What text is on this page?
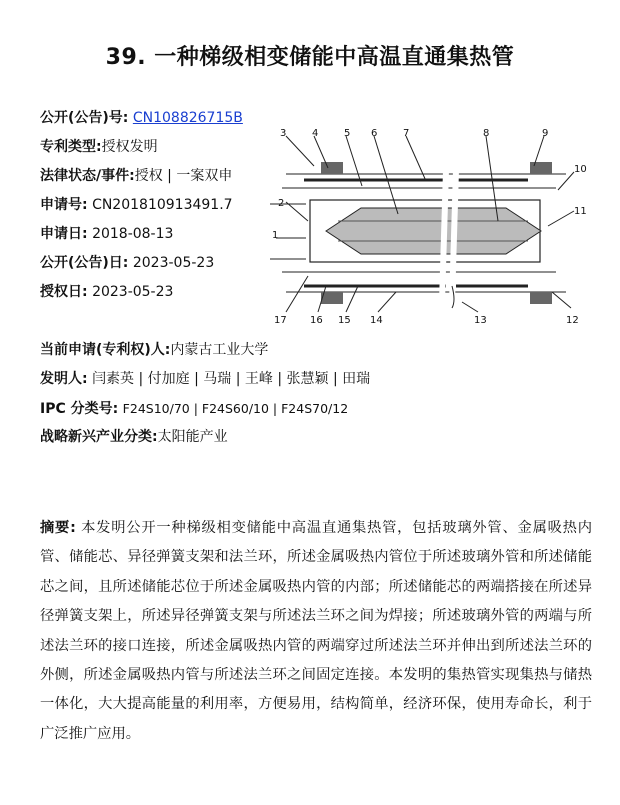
39. 一种梯级相变储能中高温直通集热管
公开(公告)号: CN108826715B
专利类型:授权发明
法律状态/事件:授权 | 一案双申
申请号: CN201810913491.7
申请日: 2018-08-13
公开(公告)日: 2023-05-23
授权日: 2023-05-23
当前申请(专利权)人:内蒙古工业大学
发明人: 闫素英 | 付加庭 | 马瑞 | 王峰 | 张慧颖 | 田瑞
IPC 分类号: F24S10/70 | F24S60/10 | F24S70/12
战略新兴产业分类:太阳能产业
1
2
3	4	5 6	7	8	9
10
11
12
13
14
15
16
17
摘要: 本发明公开一种梯级相变储能中高温直通集热管，包括玻璃外管、金属吸热内管、储能芯、异径弹簧支架和法兰环，所述金属吸热内管位于所述玻璃外管和所述储能芯之间，且所述储能芯位于所述金属吸热内管的内部；所述储能芯的两端搭接在所述异径弹簧支架上，所述异径弹簧支架与所述法兰环之间为焊接；所述玻璃外管的两端与所述法兰环的接口连接，所述金属吸热内管的两端穿过所述法兰环并伸出到所述法兰环的外侧，所述金属吸热内管与所述法兰环之间固定连接。本发明的集热管实现集热与储热一体化，大大提高能量的利用率，方便易用，结构简单，经济环保，使用寿命长，利于广泛推广应用。
